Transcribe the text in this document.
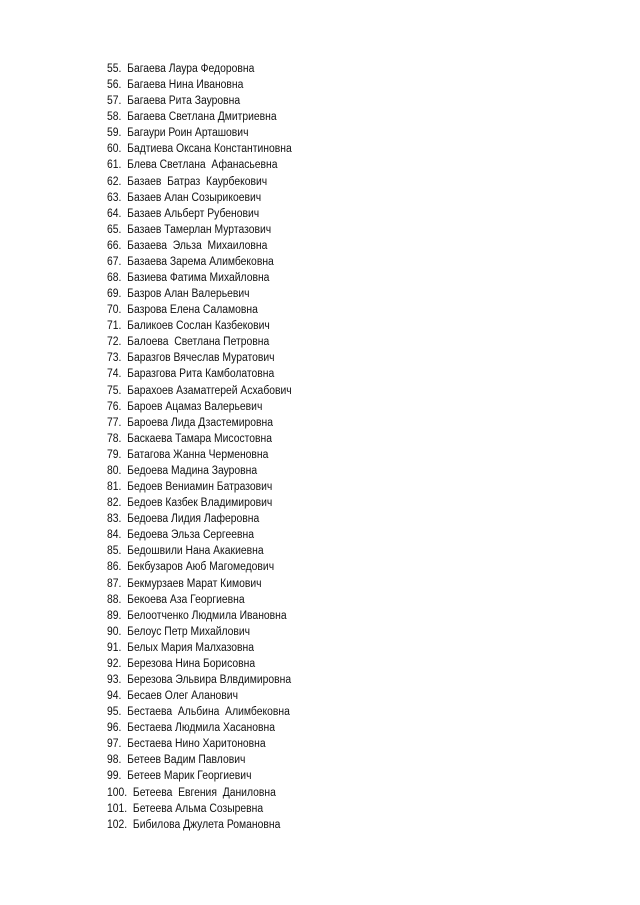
55. Багаева Лаура Федоровна
56. Багаева Нина Ивановна
57. Багаева Рита Зауровна
58. Багаева Светлана Дмитриевна
59. Багаури Роин Арташович
60. Бадтиева Оксана Константиновна
61. Блева Светлана  Афанасьевна
62. Базаев  Батраз  Каурбекович
63. Базаев Алан Созырикоевич
64. Базаев Альберт Рубенович
65. Базаев Тамерлан Муртазович
66. Базаева  Эльза  Михаиловна
67. Базаева Зарема Алимбековна
68. Базиева Фатима Михайловна
69. Базров Алан Валерьевич
70. Базрова Елена Саламовна
71. Баликоев Сослан Казбекович
72. Балоева  Светлана Петровна
73. Баразгов Вячеслав Муратович
74. Баразгова Рита Камболатовна
75. Барахоев Азаматгерей Асхабович
76. Бароев Ацамаз Валерьевич
77. Бароева Лида Дзастемировна
78. Баскаева Тамара Мисостовна
79. Батагова Жанна Черменовна
80. Бедоева Мадина Зауровна
81. Бедоев Вениамин Батразович
82. Бедоев Казбек Владимирович
83. Бедоева Лидия Лаферовна
84. Бедоева Эльза Сергеевна
85. Бедошвили Нана Акакиевна
86. Бекбузаров Аюб Магомедович
87. Бекмурзаев Марат Кимович
88. Бекоева Аза Георгиевна
89. Белоотченко Людмила Ивановна
90. Белоус Петр Михайлович
91. Белых Мария Малхазовна
92. Березова Нина Борисовна
93. Березова Эльвира Влвдимировна
94. Бесаев Олег Аланович
95. Бестаева  Альбина  Алимбековна
96. Бестаева Людмила Хасановна
97. Бестаева Нино Харитоновна
98. Бетеев Вадим Павлович
99. Бетеев Марик Георгиевич
100. Бетеева  Евгения  Даниловна
101. Бетеева Альма Созыревна
102. Бибилова Джулета Романовна
